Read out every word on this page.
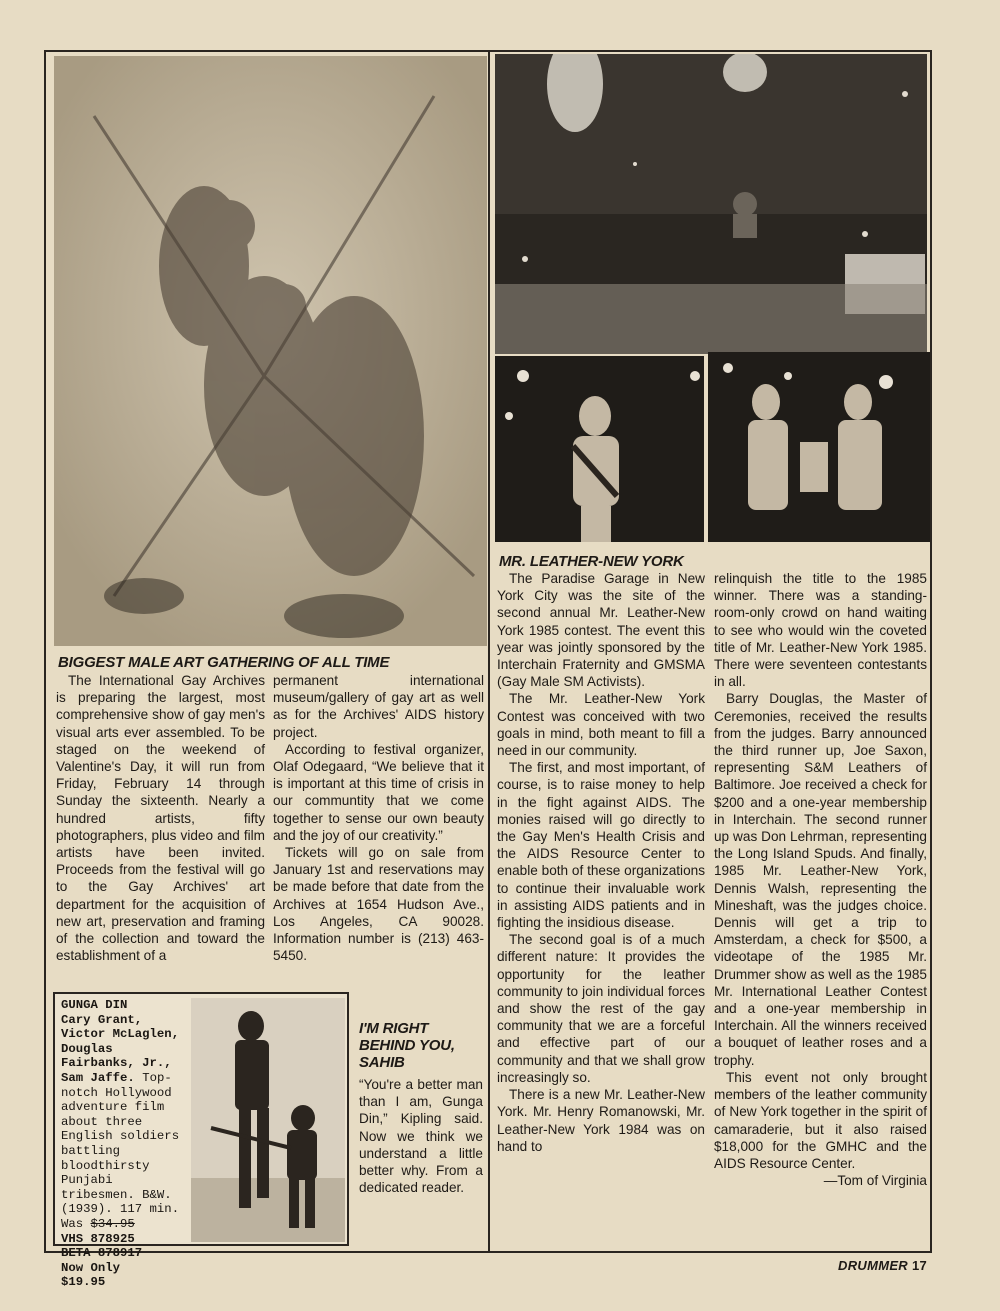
BIGGEST MALE ART GATHERING OF ALL TIME
MR. LEATHER-NEW YORK

The International Gay Archives is preparing the largest, most comprehensive show of gay men's visual arts ever assembled. To be staged on the weekend of Valentine's Day, it will run from Friday, February 14 through Sunday the sixteenth. Nearly a hundred artists, fifty photographers, plus video and film artists have been invited. Proceeds from the festival will go to the Gay Archives' art department for the acquisition of new art, preservation and framing of the collection and toward the establishment of a

permanent international museum/gallery of gay art as well as for the Archives' AIDS history project.

According to festival organizer, Olaf Odegaard, “We believe that it is important at this time of crisis in our communtity that we come together to sense our own beauty and the joy of our creativity.”

Tickets will go on sale from January 1st and reservations may be made before that date from the Archives at 1654 Hudson Ave., Los Angeles, CA 90028. Information number is (213) 463-5450.

The Paradise Garage in New York City was the site of the second annual Mr. Leather-New York 1985 contest. The event this year was jointly sponsored by the Interchain Fraternity and GMSMA (Gay Male SM Activists).

The Mr. Leather-New York Contest was conceived with two goals in mind, both meant to fill a need in our community.

The first, and most important, of course, is to raise money to help in the fight against AIDS. The monies raised will go directly to the Gay Men's Health Crisis and the AIDS Resource Center to enable both of these organizations to continue their invaluable work in assisting AIDS patients and in fighting the insidious disease.

The second goal is of a much different nature: It provides the opportunity for the leather community to join individual forces and show the rest of the gay community that we are a forceful and effective part of our community and that we shall grow increasingly so.

There is a new Mr. Leather-New York. Mr. Henry Romanowski, Mr. Leather-New York 1984 was on hand to

relinquish the title to the 1985 winner. There was a standing-room-only crowd on hand waiting to see who would win the coveted title of Mr. Leather-New York 1985. There were seventeen contestants in all.

Barry Douglas, the Master of Ceremonies, received the results from the judges. Barry announced the third runner up, Joe Saxon, representing S&M Leathers of Baltimore. Joe received a check for $200 and a one-year membership in Interchain. The second runner up was Don Lehrman, representing the Long Island Spuds. And finally, 1985 Mr. Leather-New York, Dennis Walsh, representing the Mineshaft, was the judges choice. Dennis will get a trip to Amsterdam, a check for $500, a videotape of the 1985 Mr. Drummer show as well as the 1985 Mr. International Leather Contest and a one-year membership in Interchain. All the winners received a bouquet of leather roses and a trophy.

This event not only brought members of the leather community of New York together in the spirit of camaraderie, but it also raised $18,000 for the GMHC and the AIDS Resource Center.

—Tom of Virginia

GUNGA DIN
Cary Grant, Victor McLaglen, Douglas Fairbanks, Jr., Sam Jaffe. Top-notch Hollywood adventure film about three English soldiers battling bloodthirsty Punjabi tribesmen. B&W. (1939). 117 min. Was $34.95
VHS 878925
BETA 878917
Now Only
$19.95
I'M RIGHT BEHIND YOU, SAHIB

“You're a better man than I am, Gunga Din,” Kipling said. Now we think we understand a little better why. From a dedicated reader.

DRUMMER 17
